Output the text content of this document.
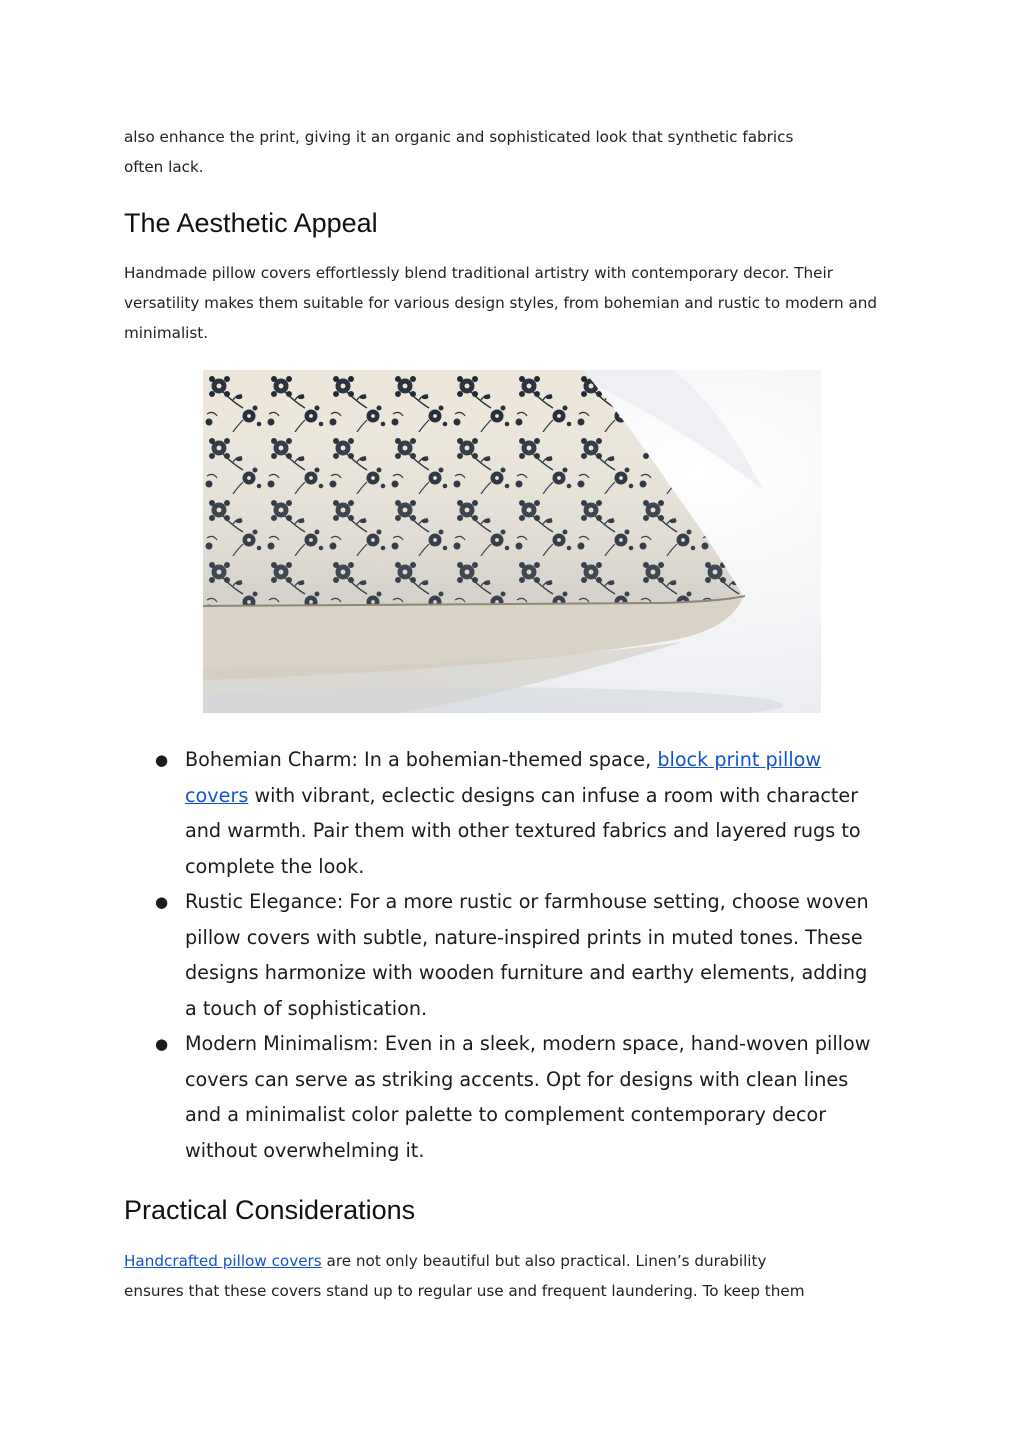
also enhance the print, giving it an organic and sophisticated look that synthetic fabrics
often lack.

The Aesthetic Appeal

Handmade pillow covers effortlessly blend traditional artistry with contemporary decor. Their versatility makes them suitable for various design styles, from bohemian and rustic to modern and minimalist.

● Bohemian Charm: In a bohemian-themed space, block print pillow covers with vibrant, eclectic designs can infuse a room with character and warmth. Pair them with other textured fabrics and layered rugs to complete the look.
● Rustic Elegance: For a more rustic or farmhouse setting, choose woven pillow covers with subtle, nature-inspired prints in muted tones. These designs harmonize with wooden furniture and earthy elements, adding a touch of sophistication.
● Modern Minimalism: Even in a sleek, modern space, hand-woven pillow covers can serve as striking accents. Opt for designs with clean lines and a minimalist color palette to complement contemporary decor without overwhelming it.
Practical Considerations

Handcrafted pillow covers are not only beautiful but also practical. Linen’s durability
ensures that these covers stand up to regular use and frequent laundering. To keep them
